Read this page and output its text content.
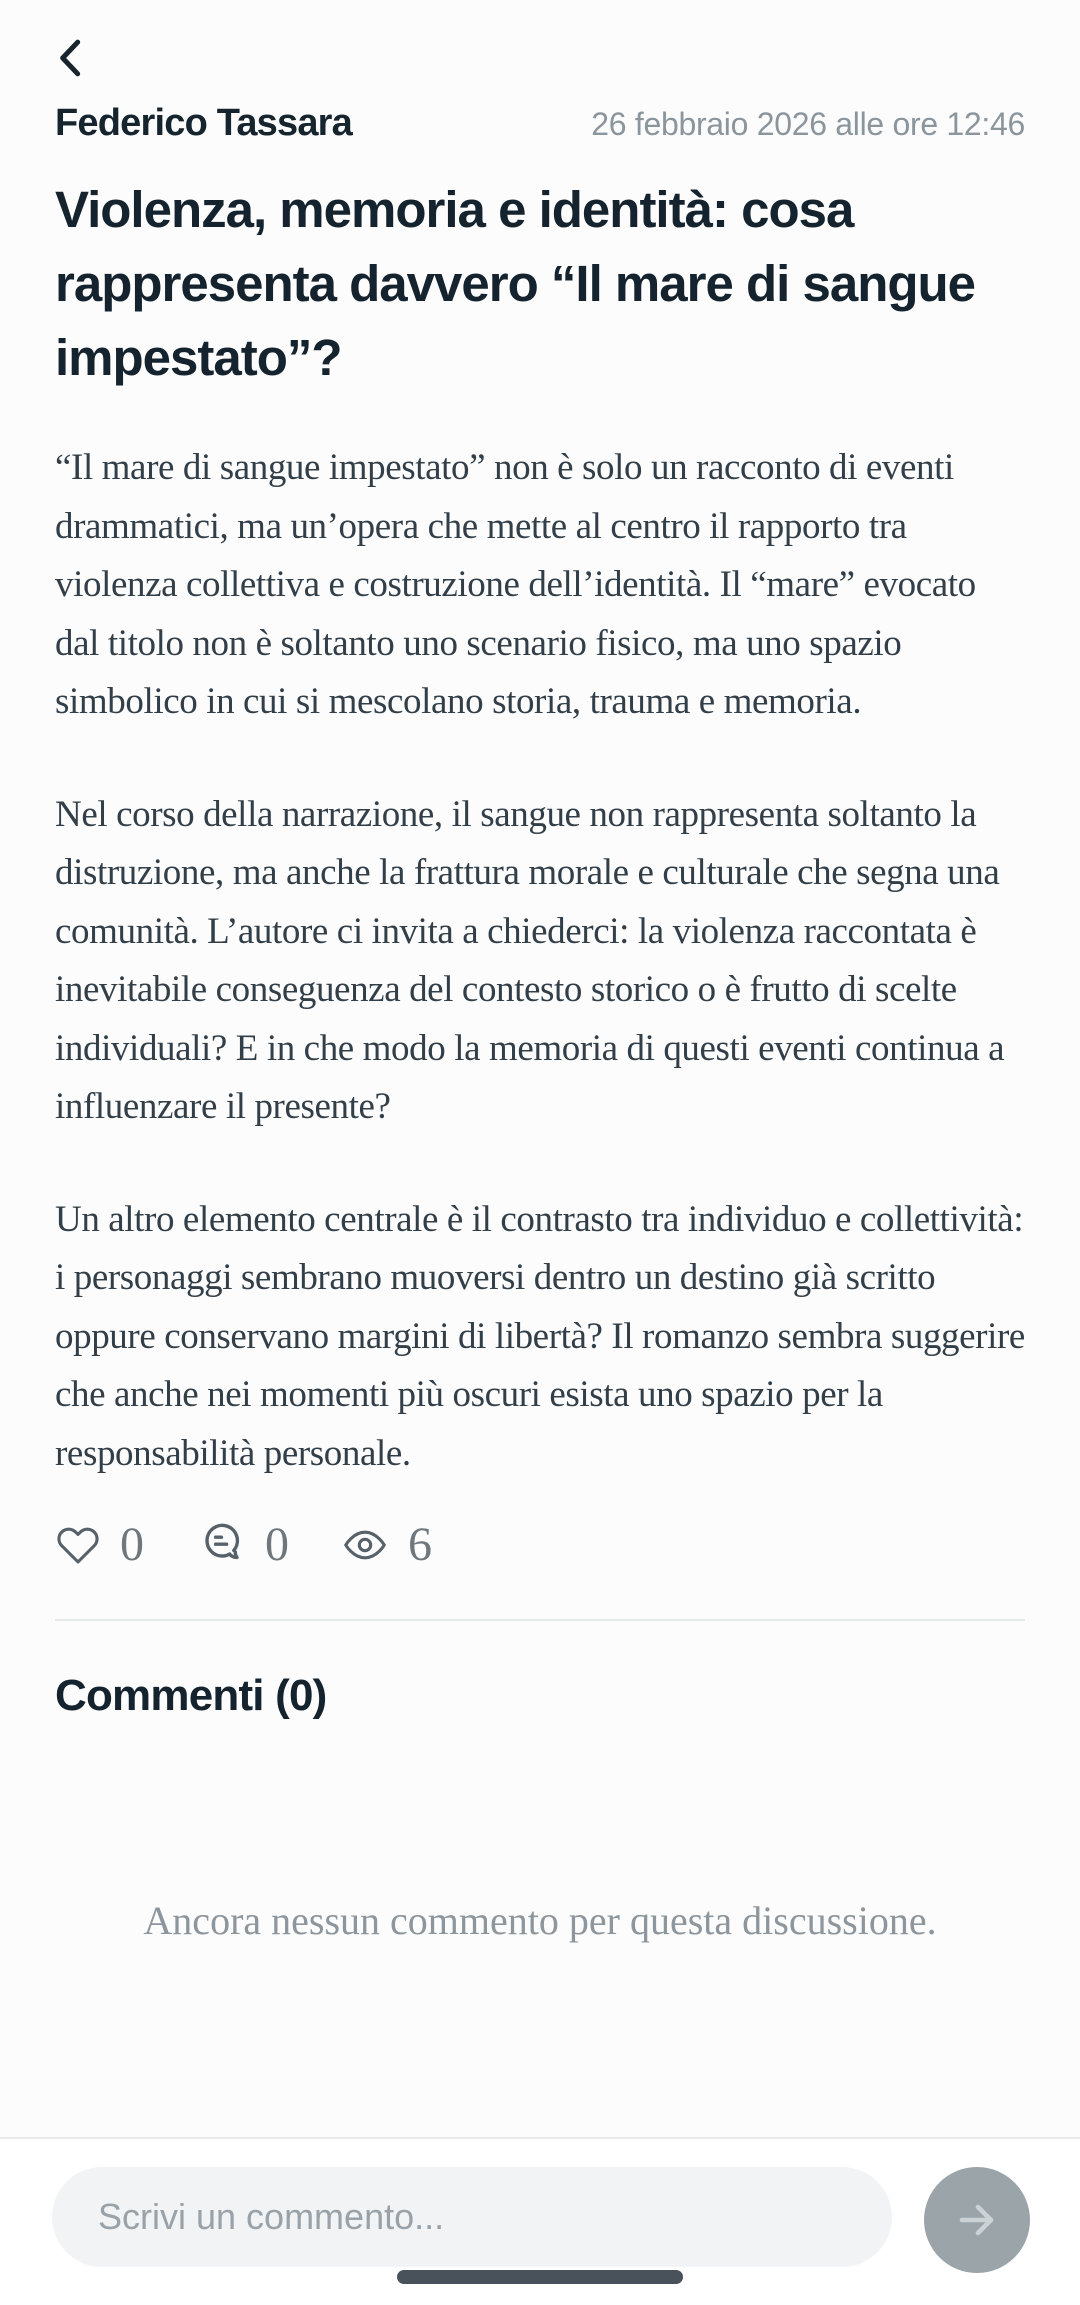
Federico Tassara	26 febbraio 2026 alle ore 12:46
Violenza, memoria e identità: cosa rappresenta davvero “Il mare di sangue impestato”?

“Il mare di sangue impestato” non è solo un racconto di eventi drammatici, ma un’opera che mette al centro il rapporto tra violenza collettiva e costruzione dell’identità. Il “mare” evocato dal titolo non è soltanto uno scenario fisico, ma uno spazio simbolico in cui si mescolano storia, trauma e memoria.

Nel corso della narrazione, il sangue non rappresenta soltanto la distruzione, ma anche la frattura morale e culturale che segna una comunità. L’autore ci invita a chiederci: la violenza raccontata è inevitabile conseguenza del contesto storico o è frutto di scelte individuali? E in che modo la memoria di questi eventi continua a influenzare il presente?

Un altro elemento centrale è il contrasto tra individuo e collettività: i personaggi sembrano muoversi dentro un destino già scritto oppure conservano margini di libertà? Il romanzo sembra suggerire che anche nei momenti più oscuri esista uno spazio per la responsabilità personale.

0	0 6
Commenti (0)
Ancora nessun commento per questa discussione.
Scrivi un commento...
